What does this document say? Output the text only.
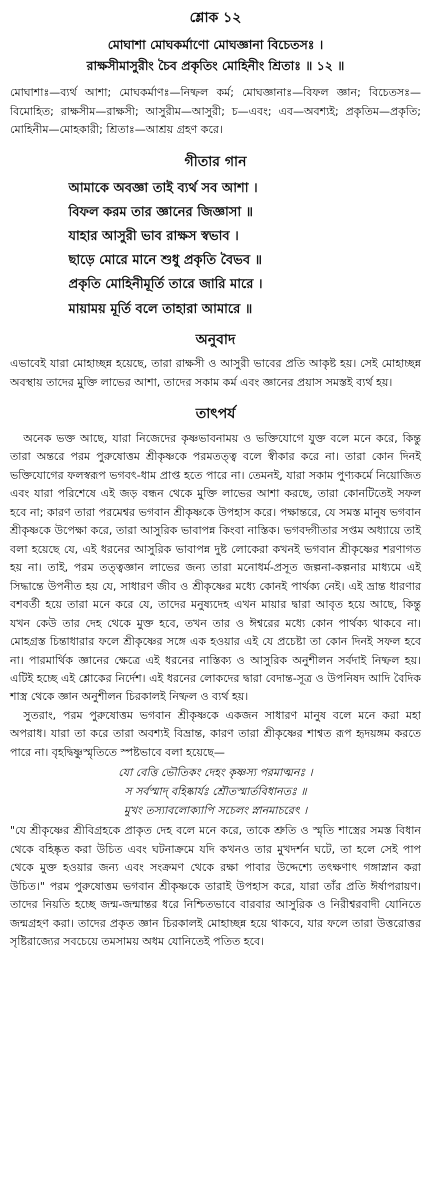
শ্লোক ১২
মোঘাশা মোঘকর্মাণো মোঘজ্ঞানা বিচেতসঃ ।
রাক্ষসীমাসুরীং চৈব প্রকৃতিং মোহিনীং শ্রিতাঃ ॥ ১২ ॥
মোঘাশাঃ—ব্যর্থ আশা; মোঘকর্মাণঃ—নিষ্ফল কর্ম; মোঘজ্ঞানাঃ—বিফল জ্ঞান; বিচেতসঃ—বিমোহিত; রাক্ষসীম—রাক্ষসী; আসুরীম—আসুরী; চ—এবং; এব—অবশ্যই; প্রকৃতিম—প্রকৃতি; মোহিনীম—মোহকারী; শ্রিতাঃ—আশ্রয় গ্রহণ করে।
গীতার গান
আমাকে অবজ্ঞা তাই ব্যর্থ সব আশা ।
বিফল করম তার জ্ঞানের জিজ্ঞাসা ॥
যাহার আসুরী ভাব রাক্ষস স্বভাব ।
ছাড়ে মোরে মানে শুধু প্রকৃতি বৈভব ॥
প্রকৃতি মোহিনীমূর্তি তারে জারি মারে ।
মায়াময় মূর্তি বলে তাহারা আমারে ॥
অনুবাদ
এভাবেই যারা মোহাচ্ছন্ন হয়েছে, তারা রাক্ষসী ও আসুরী ভাবের প্রতি আকৃষ্ট হয়। সেই মোহাচ্ছন্ন অবস্থায় তাদের মুক্তি লাভের আশা, তাদের সকাম কর্ম এবং জ্ঞানের প্রয়াস সমস্তই ব্যর্থ হয়।
তাৎপর্য
অনেক ভক্ত আছে, যারা নিজেদের কৃষ্ণভাবনাময় ও ভক্তিযোগে যুক্ত বলে মনে করে, কিন্তু তারা অন্তরে পরম পুরুষোত্তম শ্রীকৃষ্ণকে পরমতত্ত্ব বলে স্বীকার করে না। তারা কোন দিনই ভক্তিযোগের ফলস্বরূপ ভগবৎ-ধাম প্রাপ্ত হতে পারে না। তেমনই, যারা সকাম পুণ্যকর্মে নিয়োজিত এবং যারা পরিশেষে এই জড় বন্ধন থেকে মুক্তি লাভের আশা করছে, তারা কোনটিতেই সফল হবে না; কারণ তারা পরমেশ্বর ভগবান শ্রীকৃষ্ণকে উপহাস করে। পক্ষান্তরে, যে সমস্ত মানুষ ভগবান শ্রীকৃষ্ণকে উপেক্ষা করে, তারা আসুরিক ভাবাপন্ন কিংবা নাস্তিক। ভগবদ্গীতার সপ্তম অধ্যায়ে তাই বলা হয়েছে যে, এই ধরনের আসুরিক ভাবাপন্ন দুষ্ট লোকেরা কখনই ভগবান শ্রীকৃষ্ণের শরণাগত হয় না। তাই, পরম তত্ত্বজ্ঞান লাভের জন্য তারা মনোধর্ম-প্রসূত জল্পনা-কল্পনার মাধ্যমে এই সিদ্ধান্তে উপনীত হয় যে, সাধারণ জীব ও শ্রীকৃষ্ণের মধ্যে কোনই পার্থক্য নেই। এই ভ্রান্ত ধারণার বশবর্তী হয়ে তারা মনে করে যে, তাদের মনুষ্যদেহ এখন মায়ার দ্বারা আবৃত হয়ে আছে, কিন্তু যখন কেউ তার দেহ থেকে মুক্ত হবে, তখন তার ও ঈশ্বরের মধ্যে কোন পার্থক্য থাকবে না। মোহগ্রস্ত চিন্তাধারার ফলে শ্রীকৃষ্ণের সঙ্গে এক হওয়ার এই যে প্রচেষ্টা তা কোন দিনই সফল হবে না। পারমার্থিক জ্ঞানের ক্ষেত্রে এই ধরনের নাস্তিক্য ও আসুরিক অনুশীলন সর্বদাই নিষ্ফল হয়। এটিই হচ্ছে এই শ্লোকের নির্দেশ। এই ধরনের লোকদের দ্বারা বেদান্ত-সূত্র ও উপনিষদ আদি বৈদিক শাস্ত্র থেকে জ্ঞান অনুশীলন চিরকালই নিষ্ফল ও ব্যর্থ হয়।
সুতরাং, পরম পুরুষোত্তম ভগবান শ্রীকৃষ্ণকে একজন সাধারণ মানুষ বলে মনে করা মহা অপরাধ। যারা তা করে তারা অবশ্যই বিভ্রান্ত, কারণ তারা শ্রীকৃষ্ণের শাশ্বত রূপ হৃদয়ঙ্গম করতে পারে না। বৃহদ্বিষ্ণুস্মৃতিতে স্পষ্টভাবে বলা হয়েছে—
যো বেত্তি ভৌতিকং দেহং কৃষ্ণস্য পরমাত্মনঃ ।
স সর্বস্মাদ্ বহিষ্কার্যঃ শ্রৌতস্মার্তবিধানতঃ ॥
মুখং তস্যাবলোক্যাপি সচেলং স্নানমাচরেৎ ।
"যে শ্রীকৃষ্ণের শ্রীবিগ্রহকে প্রাকৃত দেহ বলে মনে করে, তাকে শ্রুতি ও স্মৃতি শাস্ত্রের সমস্ত বিধান থেকে বহিষ্কৃত করা উচিত এবং ঘটনাক্রমে যদি কখনও তার মুখদর্শন ঘটে, তা হলে সেই পাপ থেকে মুক্ত হওয়ার জন্য এবং সংক্রমণ থেকে রক্ষা পাবার উদ্দেশ্যে তৎক্ষণাৎ গঙ্গাস্নান করা উচিত।" পরম পুরুষোত্তম ভগবান শ্রীকৃষ্ণকে তারাই উপহাস করে, যারা তাঁর প্রতি ঈর্ষাপরায়ণ। তাদের নিয়তি হচ্ছে জন্ম-জন্মান্তর ধরে নিশ্চিতভাবে বারবার আসুরিক ও নিরীশ্বরবাদী যোনিতে জন্মগ্রহণ করা। তাদের প্রকৃত জ্ঞান চিরকালই মোহাচ্ছন্ন হয়ে থাকবে, যার ফলে তারা উত্তরোত্তর সৃষ্টিরাজ্যের সবচেয়ে তমসাময় অধম যোনিতেই পতিত হবে।
